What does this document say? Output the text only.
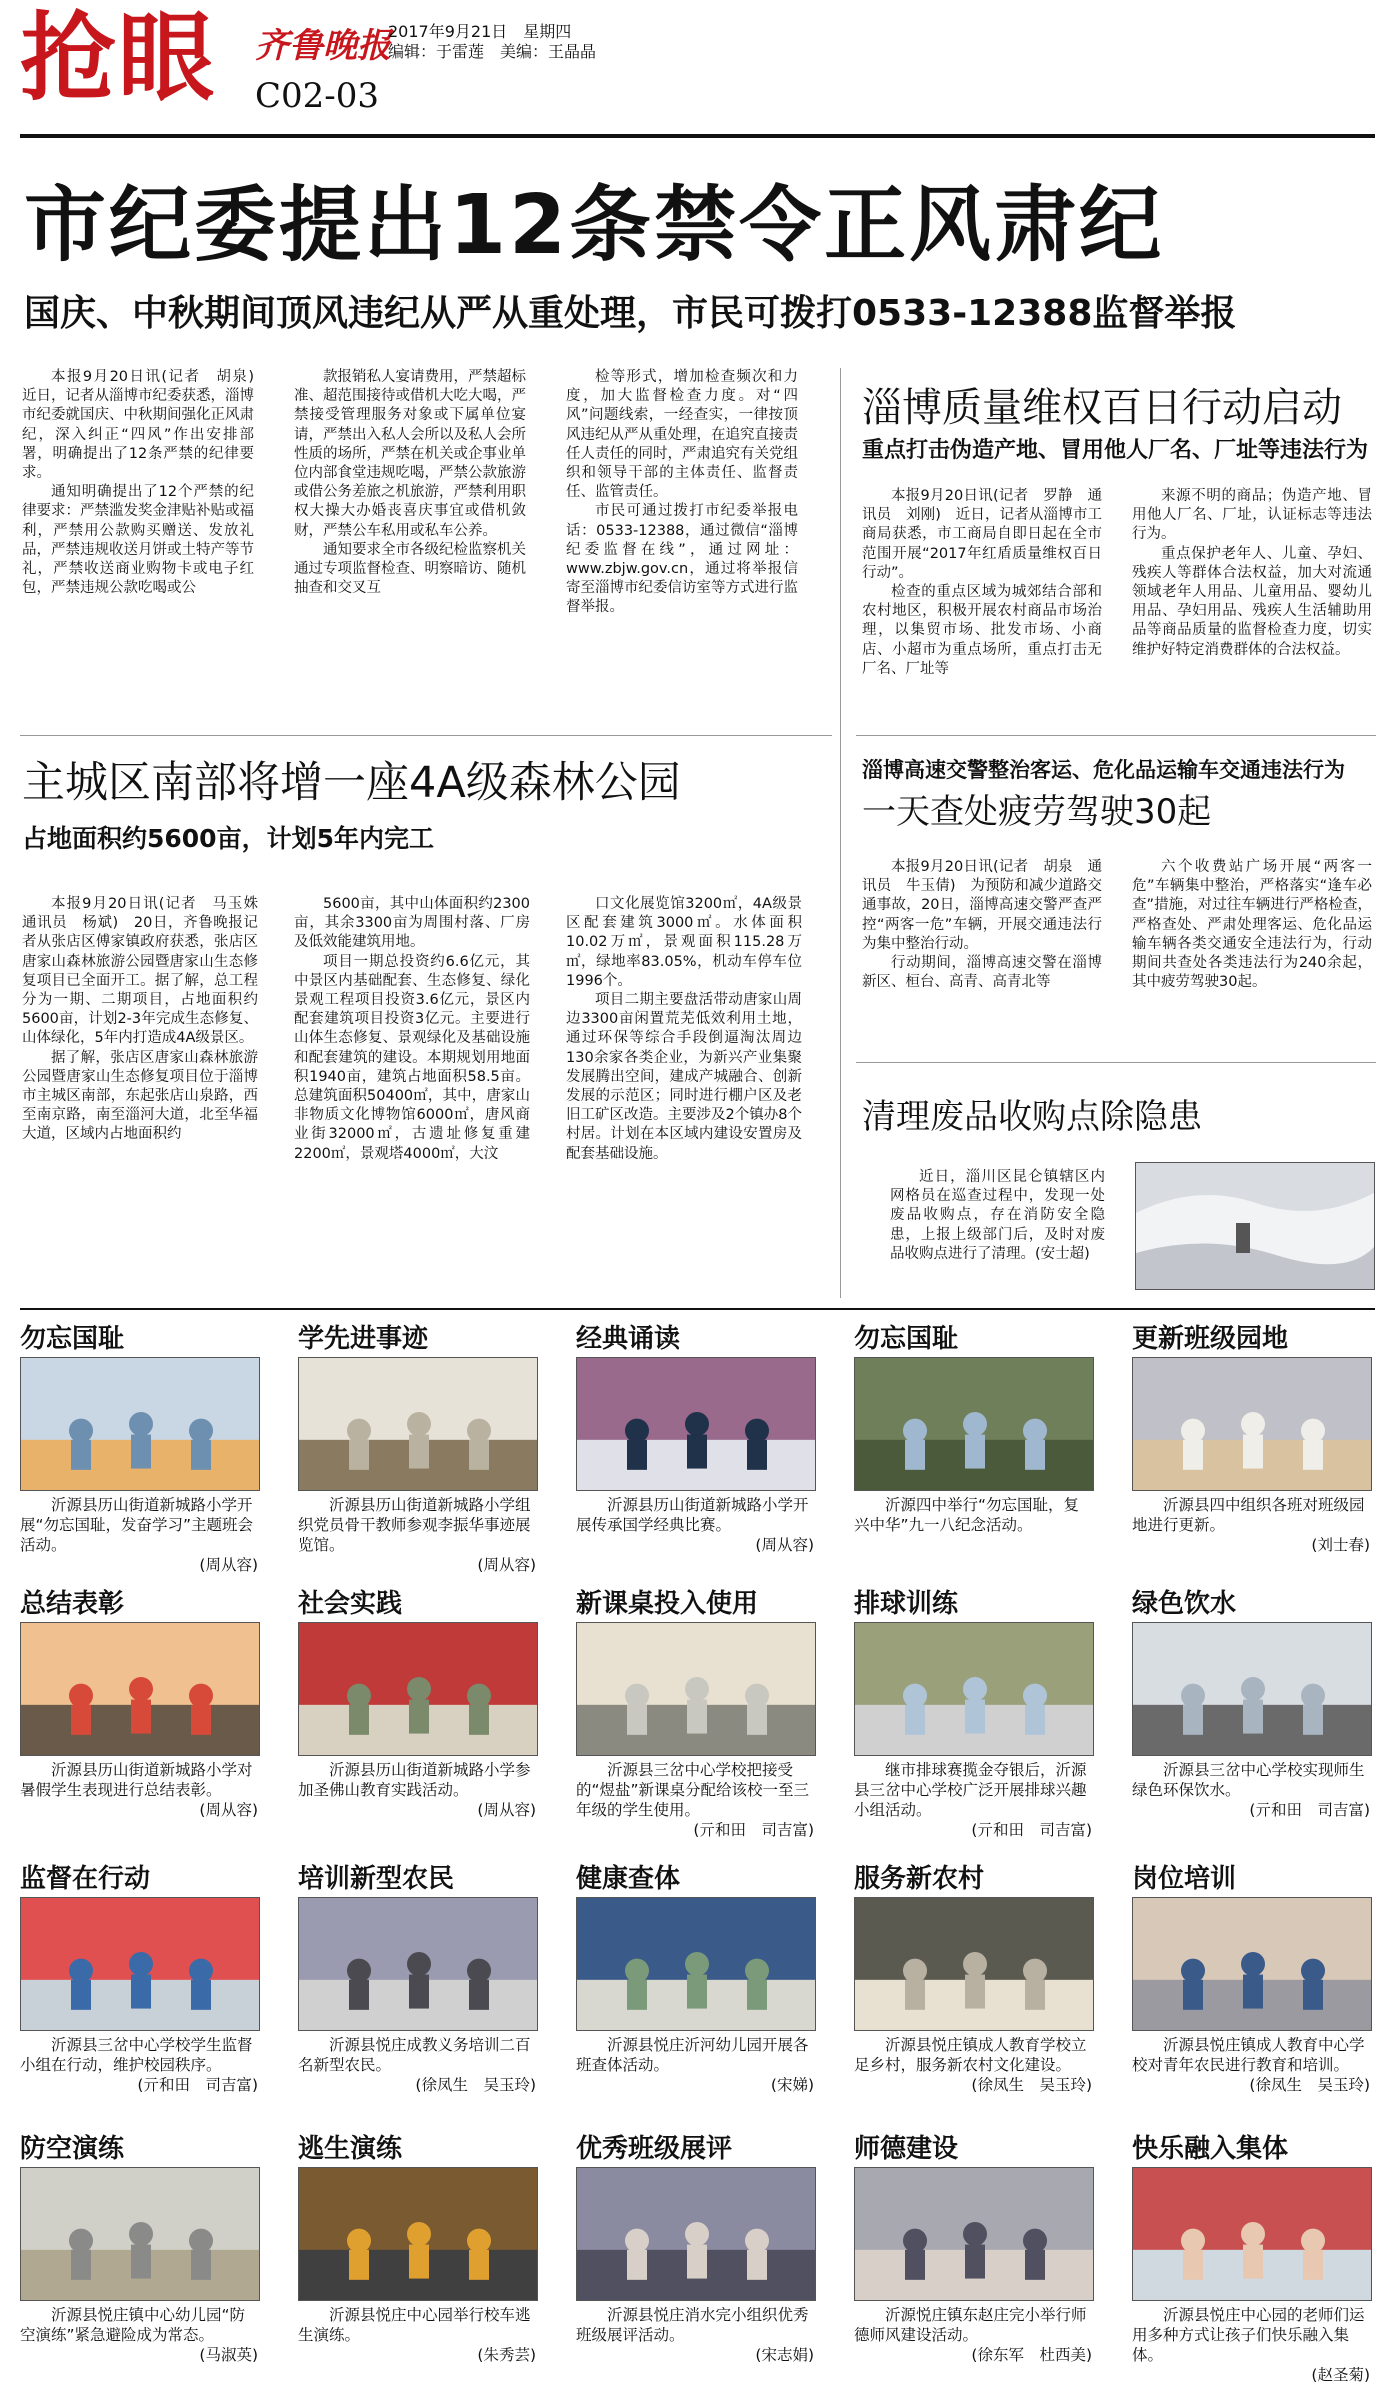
抢眼 齐鲁晚报
2017年9月21日　星期四
编辑：于雷莲　美编：王晶晶
C02-03
市纪委提出12条禁令正风肃纪
国庆、中秋期间顶风违纪从严从重处理，市民可拨打0533-12388监督举报

本报9月20日讯(记者　胡泉)　近日，记者从淄博市纪委获悉，淄博市纪委就国庆、中秋期间强化正风肃纪，深入纠正“四风”作出安排部署，明确提出了12条严禁的纪律要求。

通知明确提出了12个严禁的纪律要求：严禁滥发奖金津贴补贴或福利，严禁用公款购买赠送、发放礼品，严禁违规收送月饼或土特产等节礼，严禁收送商业购物卡或电子红包，严禁违规公款吃喝或公

款报销私人宴请费用，严禁超标准、超范围接待或借机大吃大喝，严禁接受管理服务对象或下属单位宴请，严禁出入私人会所以及私人会所性质的场所，严禁在机关或企事业单位内部食堂违规吃喝，严禁公款旅游或借公务差旅之机旅游，严禁利用职权大操大办婚丧喜庆事宜或借机敛财，严禁公车私用或私车公养。

通知要求全市各级纪检监察机关通过专项监督检查、明察暗访、随机抽查和交叉互

检等形式，增加检查频次和力度，加大监督检查力度。对“四风”问题线索，一经查实，一律按顶风违纪从严从重处理，在追究直接责任人责任的同时，严肃追究有关党组织和领导干部的主体责任、监督责任、监管责任。

市民可通过拨打市纪委举报电话：0533-12388，通过微信“淄博纪委监督在线”，通过网址：www.zbjw.gov.cn，通过将举报信寄至淄博市纪委信访室等方式进行监督举报。

淄博质量维权百日行动启动
重点打击伪造产地、冒用他人厂名、厂址等违法行为

本报9月20日讯(记者　罗静　通讯员　刘刚)　近日，记者从淄博市工商局获悉，市工商局自即日起在全市范围开展“2017年红盾质量维权百日行动”。

检查的重点区域为城郊结合部和农村地区，积极开展农村商品市场治理，以集贸市场、批发市场、小商店、小超市为重点场所，重点打击无厂名、厂址等

来源不明的商品；伪造产地、冒用他人厂名、厂址，认证标志等违法行为。

重点保护老年人、儿童、孕妇、残疾人等群体合法权益，加大对流通领域老年人用品、儿童用品、婴幼儿用品、孕妇用品、残疾人生活辅助用品等商品质量的监督检查力度，切实维护好特定消费群体的合法权益。

主城区南部将增一座4A级森林公园
占地面积约5600亩，计划5年内完工

本报9月20日讯(记者　马玉姝　通讯员　杨斌)　20日，齐鲁晚报记者从张店区傅家镇政府获悉，张店区唐家山森林旅游公园暨唐家山生态修复项目已全面开工。据了解，总工程分为一期、二期项目，占地面积约5600亩，计划2-3年完成生态修复、山体绿化，5年内打造成4A级景区。

据了解，张店区唐家山森林旅游公园暨唐家山生态修复项目位于淄博市主城区南部，东起张店山泉路，西至南京路，南至淄河大道，北至华福大道，区域内占地面积约

5600亩，其中山体面积约2300亩，其余3300亩为周围村落、厂房及低效能建筑用地。

项目一期总投资约6.6亿元，其中景区内基础配套、生态修复、绿化景观工程项目投资3.6亿元，景区内配套建筑项目投资3亿元。主要进行山体生态修复、景观绿化及基础设施和配套建筑的建设。本期规划用地面积1940亩，建筑占地面积58.5亩。总建筑面积50400㎡，其中，唐家山非物质文化博物馆6000㎡，唐风商业街32000㎡，古遗址修复重建2200㎡，景观塔4000㎡，大汶

口文化展览馆3200㎡，4A级景区配套建筑3000㎡。水体面积10.02万㎡，景观面积115.28万㎡，绿地率83.05%，机动车停车位1996个。

项目二期主要盘活带动唐家山周边3300亩闲置荒芜低效利用土地，通过环保等综合手段倒逼淘汰周边130余家各类企业，为新兴产业集聚发展腾出空间，建成产城融合、创新发展的示范区；同时进行棚户区及老旧工矿区改造。主要涉及2个镇办8个村居。计划在本区域内建设安置房及配套基础设施。

淄博高速交警整治客运、危化品运输车交通违法行为
一天查处疲劳驾驶30起

本报9月20日讯(记者　胡泉　通讯员　牛玉倩)　为预防和减少道路交通事故，20日，淄博高速交警严查严控“两客一危”车辆，开展交通违法行为集中整治行动。

行动期间，淄博高速交警在淄博新区、桓台、高青、高青北等

六个收费站广场开展“两客一危”车辆集中整治，严格落实“逢车必查”措施，对过往车辆进行严格检查，严格查处、严肃处理客运、危化品运输车辆各类交通安全违法行为，行动期间共查处各类违法行为240余起，其中疲劳驾驶30起。

清理废品收购点除隐患

近日，淄川区昆仑镇辖区内网格员在巡查过程中，发现一处废品收购点，存在消防安全隐患，上报上级部门后，及时对废品收购点进行了清理。(安士超)

勿忘国耻
沂源县历山街道新城路小学开展“勿忘国耻，发奋学习”主题班会活动。
(周从容)
学先进事迹
沂源县历山街道新城路小学组织党员骨干教师参观李振华事迹展览馆。
(周从容)
经典诵读
沂源县历山街道新城路小学开展传承国学经典比赛。
(周从容)
勿忘国耻
沂源四中举行“勿忘国耻，复兴中华”九一八纪念活动。
更新班级园地
沂源县四中组织各班对班级园地进行更新。
(刘士春)
总结表彰
沂源县历山街道新城路小学对暑假学生表现进行总结表彰。
(周从容)
社会实践
沂源县历山街道新城路小学参加圣佛山教育实践活动。
(周从容)
新课桌投入使用
沂源县三岔中心学校把接受的“煜盐”新课桌分配给该校一至三年级的学生使用。
(亓和田　司吉富)
排球训练
继市排球赛揽金夺银后，沂源县三岔中心学校广泛开展排球兴趣小组活动。
(亓和田　司吉富)
绿色饮水
沂源县三岔中心学校实现师生绿色环保饮水。
(亓和田　司吉富)
监督在行动
沂源县三岔中心学校学生监督小组在行动，维护校园秩序。
(亓和田　司吉富)
培训新型农民
沂源县悦庄成教义务培训二百名新型农民。
(徐凤生　吴玉玲)
健康查体
沂源县悦庄沂河幼儿园开展各班查体活动。
(宋娣)
服务新农村
沂源县悦庄镇成人教育学校立足乡村，服务新农村文化建设。
(徐凤生　吴玉玲)
岗位培训
沂源县悦庄镇成人教育中心学校对青年农民进行教育和培训。
(徐凤生　吴玉玲)
防空演练
沂源县悦庄镇中心幼儿园“防空演练”紧急避险成为常态。
(马淑英)
逃生演练
沂源县悦庄中心园举行校车逃生演练。
(朱秀芸)
优秀班级展评
沂源县悦庄消水完小组织优秀班级展评活动。
(宋志娟)
师德建设
沂源悦庄镇东赵庄完小举行师德师风建设活动。
(徐东军　杜西美)
快乐融入集体
沂源县悦庄中心园的老师们运用多种方式让孩子们快乐融入集体。
(赵圣菊)
